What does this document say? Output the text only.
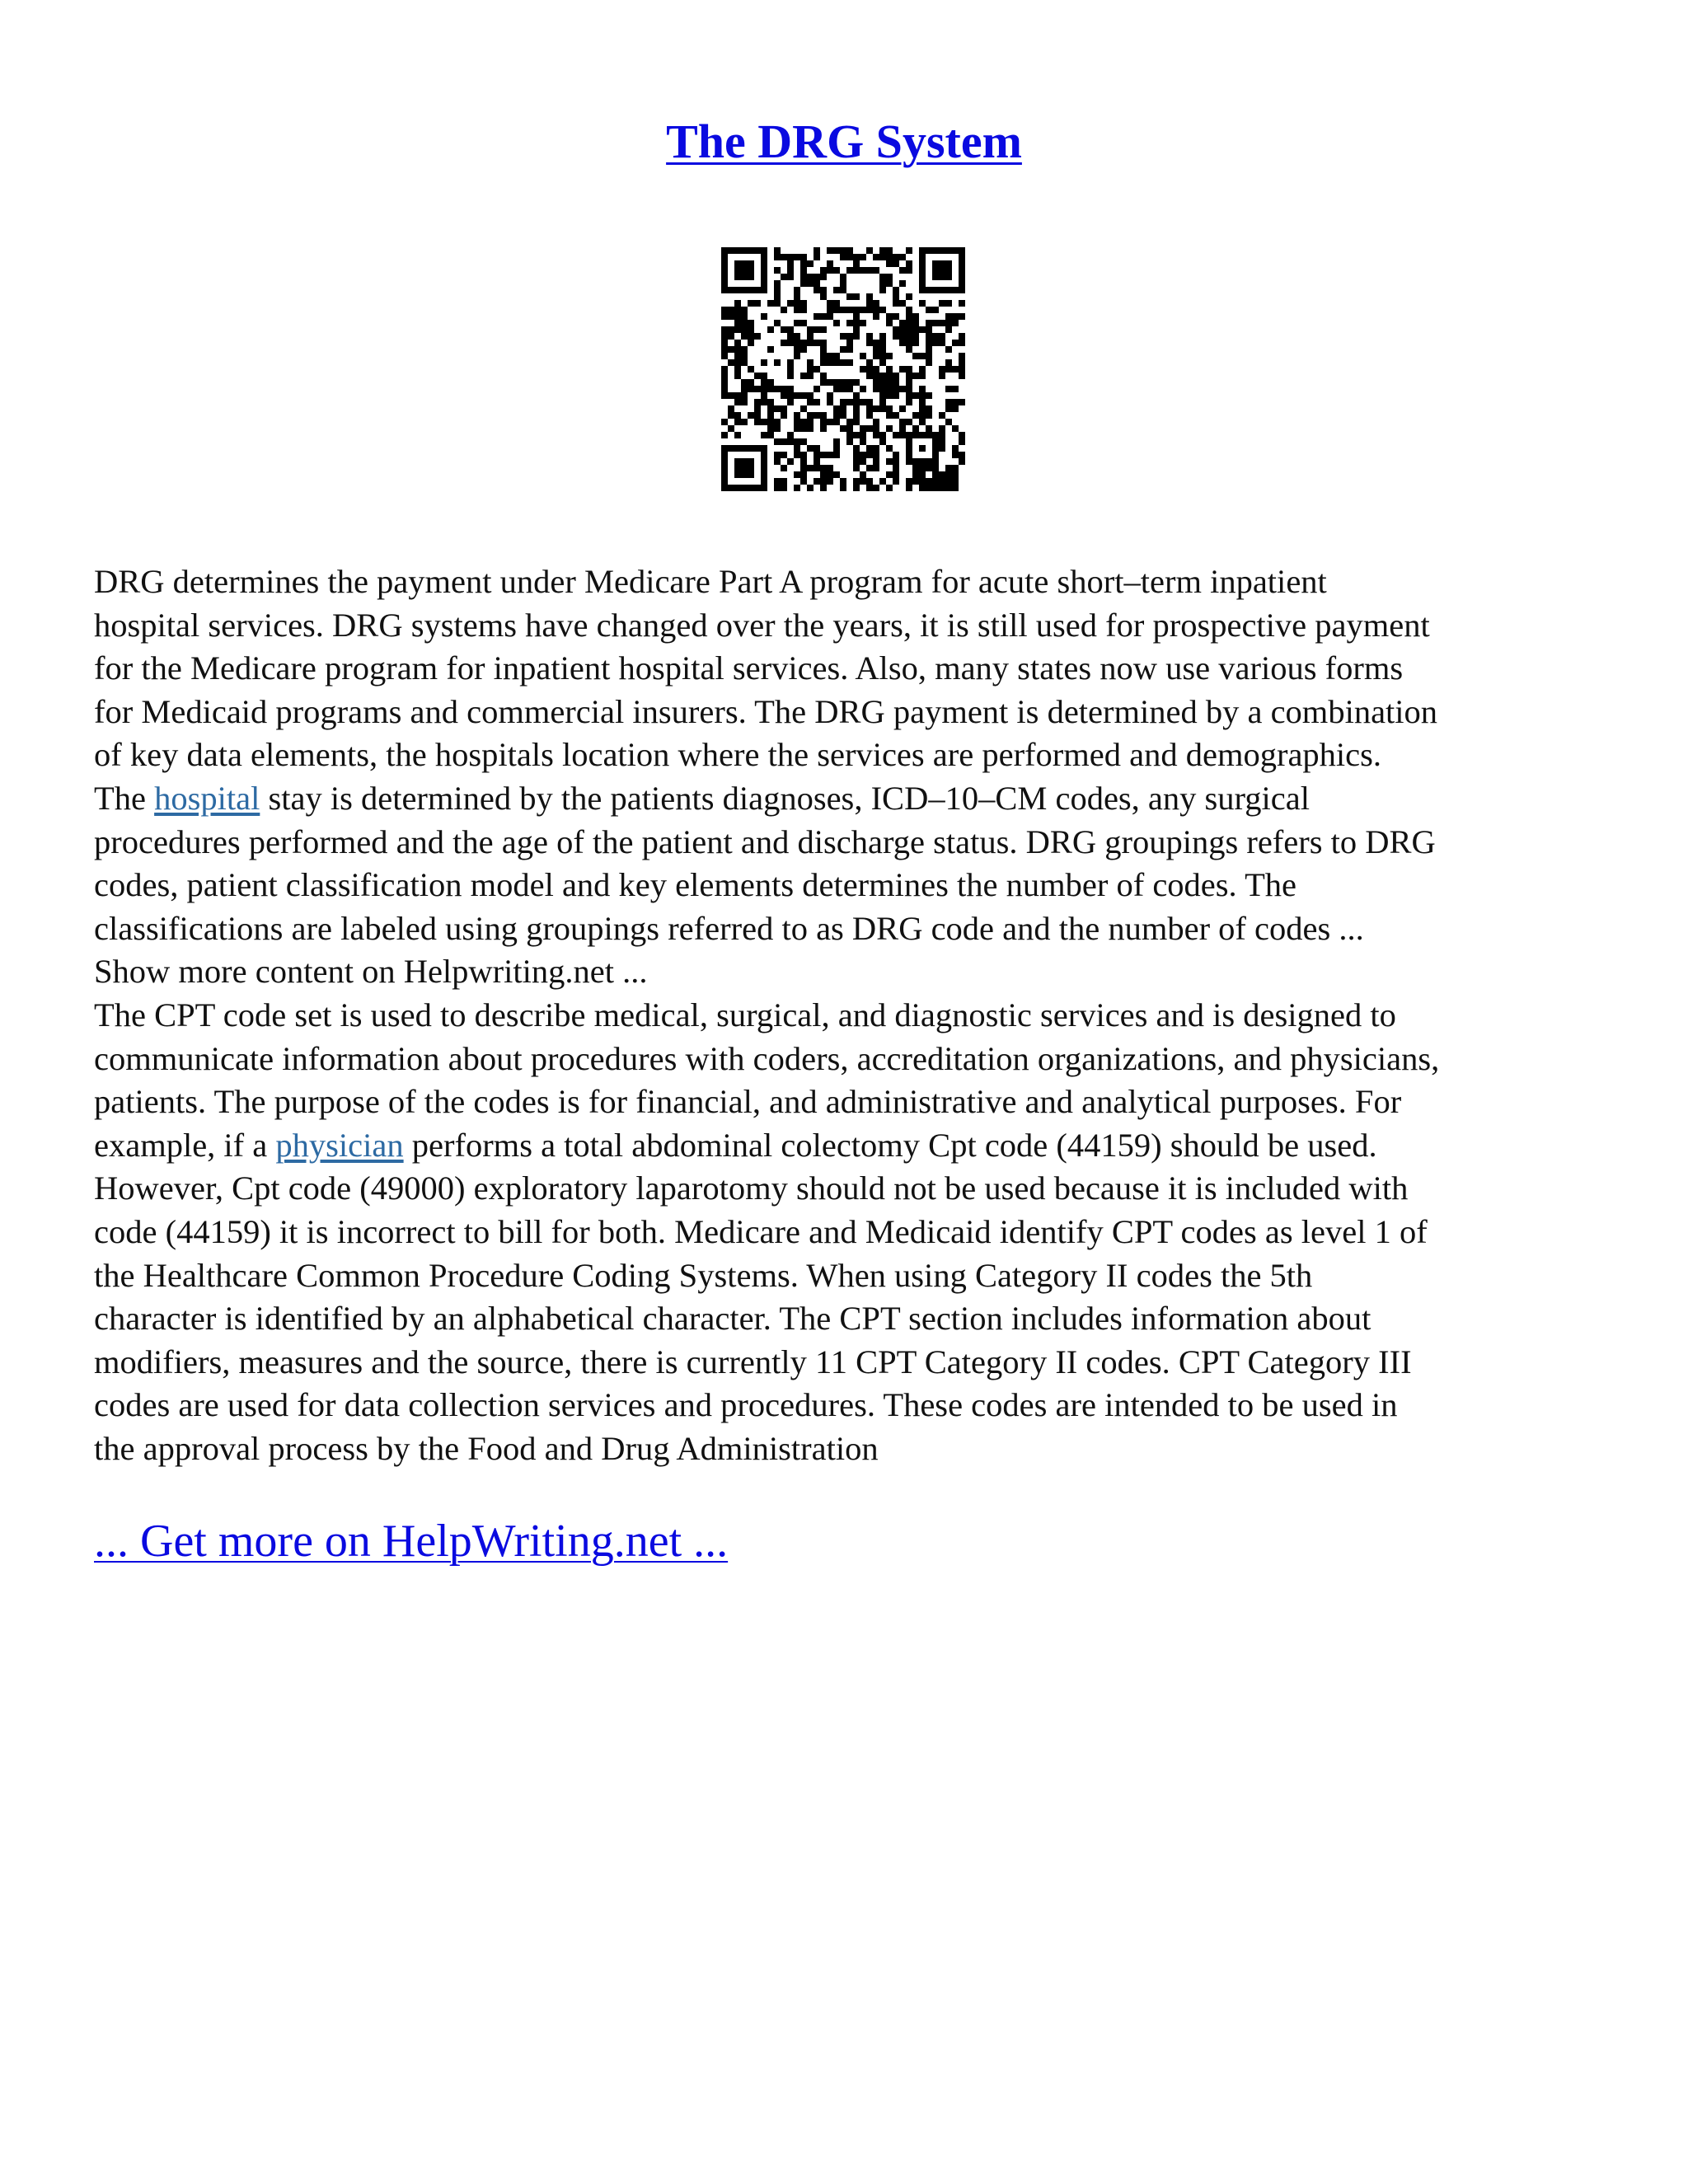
The DRG System

DRG determines the payment under Medicare Part A program for acute short–term inpatient
hospital services. DRG systems have changed over the years, it is still used for prospective payment
for the Medicare program for inpatient hospital services. Also, many states now use various forms
for Medicaid programs and commercial insurers. The DRG payment is determined by a combination
of key data elements, the hospitals location where the services are performed and demographics.
The hospital stay is determined by the patients diagnoses, ICD–10–CM codes, any surgical
procedures performed and the age of the patient and discharge status. DRG groupings refers to DRG
codes, patient classification model and key elements determines the number of codes. The
classifications are labeled using groupings referred to as DRG code and the number of codes ...
Show more content on Helpwriting.net ...

The CPT code set is used to describe medical, surgical, and diagnostic services and is designed to
communicate information about procedures with coders, accreditation organizations, and physicians,
patients. The purpose of the codes is for financial, and administrative and analytical purposes. For
example, if a physician performs a total abdominal colectomy Cpt code (44159) should be used.
However, Cpt code (49000) exploratory laparotomy should not be used because it is included with
code (44159) it is incorrect to bill for both. Medicare and Medicaid identify CPT codes as level 1 of
the Healthcare Common Procedure Coding Systems. When using Category II codes the 5th
character is identified by an alphabetical character. The CPT section includes information about
modifiers, measures and the source, there is currently 11 CPT Category II codes. CPT Category III
codes are used for data collection services and procedures. These codes are intended to be used in
the approval process by the Food and Drug Administration

... Get more on HelpWriting.net ...
